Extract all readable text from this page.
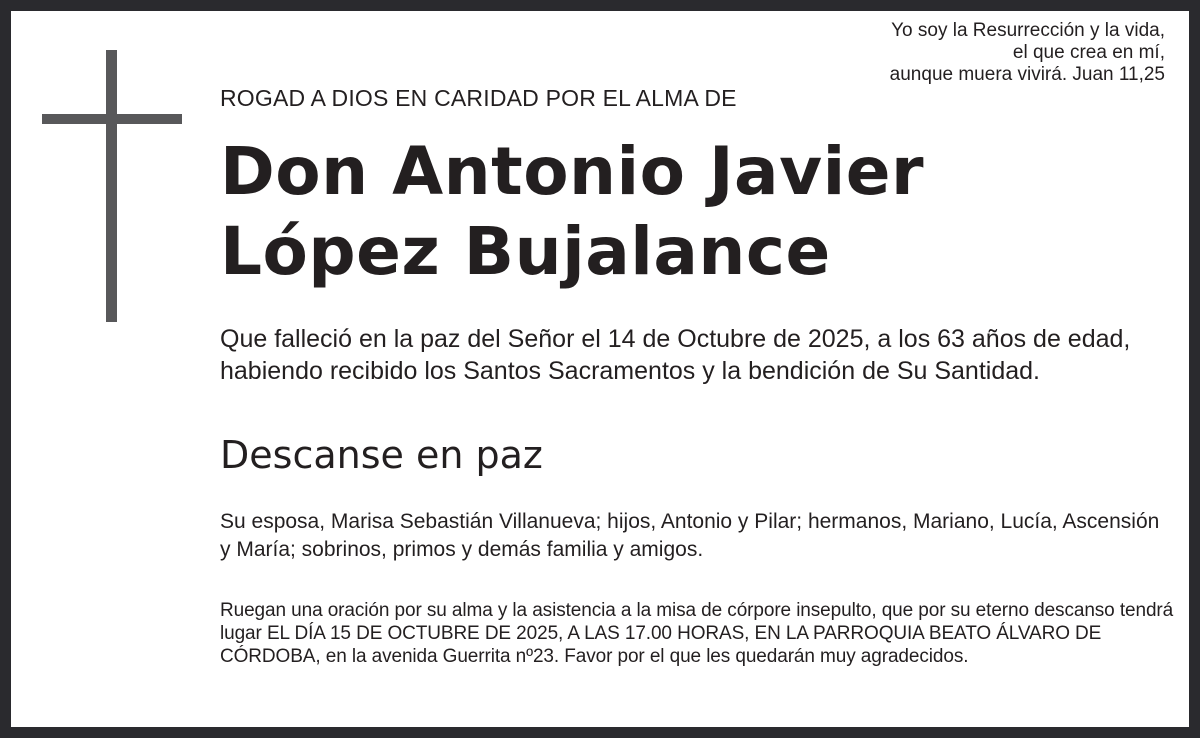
Yo soy la Resurrección y la vida,
el que crea en mí,
aunque muera vivirá. Juan 11,25
ROGAD A DIOS EN CARIDAD POR EL ALMA DE
Don Antonio Javier
López Bujalance
Que falleció en la paz del Señor el 14 de Octubre de 2025, a los 63 años de edad, habiendo recibido los Santos Sacramentos y la bendición de Su Santidad.
Descanse en paz
Su esposa, Marisa Sebastián Villanueva; hijos, Antonio y Pilar; hermanos, Mariano, Lucía, Ascensión y María; sobrinos, primos y demás familia y amigos.
Ruegan una oración por su alma y la asistencia a la misa de córpore insepulto, que por su eterno descanso tendrá lugar EL DÍA 15 DE OCTUBRE DE 2025, A LAS 17.00 HORAS, EN LA PARROQUIA BEATO ÁLVARO DE CÓRDOBA, en la avenida Guerrita nº23. Favor por el que les quedarán muy agradecidos.
